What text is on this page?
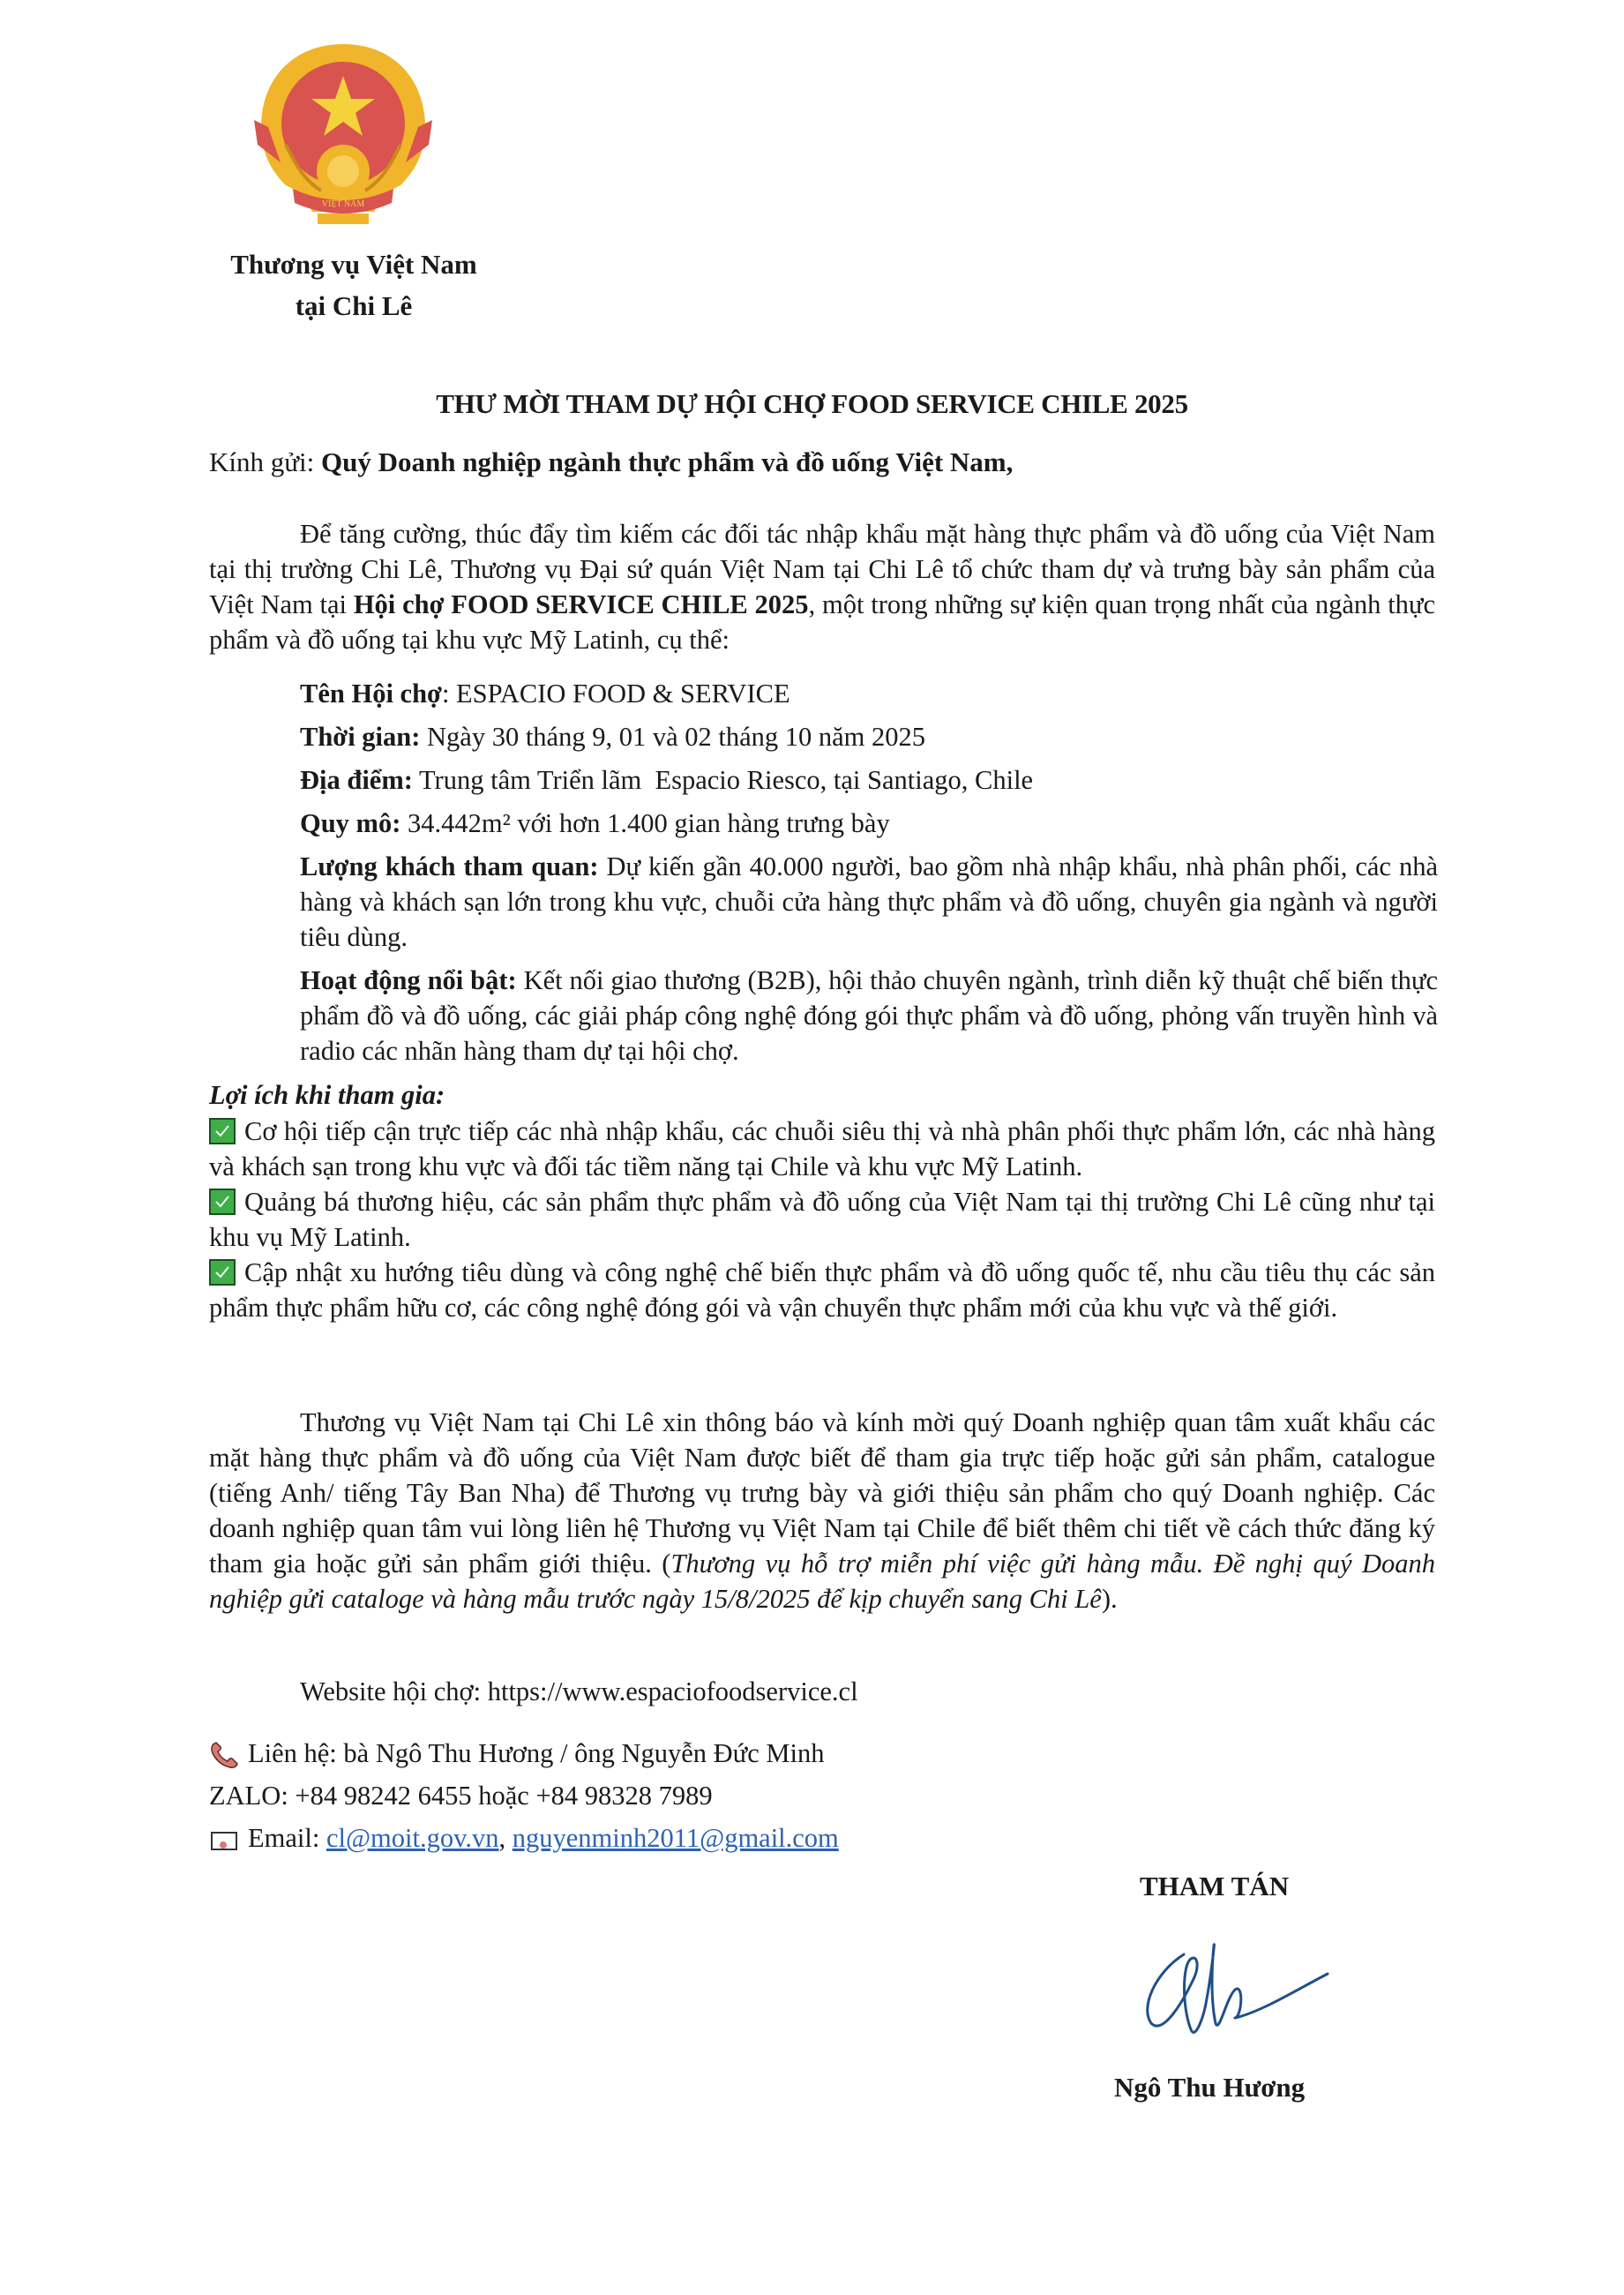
VIỆT NAM
Thương vụ Việt Nam
tại Chi Lê
THƯ MỜI THAM DỰ HỘI CHỢ FOOD SERVICE CHILE 2025
Kính gửi: Quý Doanh nghiệp ngành thực phẩm và đồ uống Việt Nam,
Để tăng cường, thúc đẩy tìm kiếm các đối tác nhập khẩu mặt hàng thực phẩm và đồ uống của Việt Nam tại thị trường Chi Lê, Thương vụ Đại sứ quán Việt Nam tại Chi Lê tổ chức tham dự và trưng bày sản phẩm của Việt Nam tại Hội chợ FOOD SERVICE CHILE 2025, một trong những sự kiện quan trọng nhất của ngành thực phẩm và đồ uống tại khu vực Mỹ Latinh, cụ thể:
Tên Hội chợ: ESPACIO FOOD & SERVICE
Thời gian: Ngày 30 tháng 9, 01 và 02 tháng 10 năm 2025
Địa điểm: Trung tâm Triển lãm  Espacio Riesco, tại Santiago, Chile
Quy mô: 34.442m² với hơn 1.400 gian hàng trưng bày
Lượng khách tham quan: Dự kiến gần 40.000 người, bao gồm nhà nhập khẩu, nhà phân phối, các nhà hàng và khách sạn lớn trong khu vực, chuỗi cửa hàng thực phẩm và đồ uống, chuyên gia ngành và người tiêu dùng.
Hoạt động nổi bật: Kết nối giao thương (B2B), hội thảo chuyên ngành, trình diễn kỹ thuật chế biến thực phẩm đồ và đồ uống, các giải pháp công nghệ đóng gói thực phẩm và đồ uống, phỏng vấn truyền hình và radio các nhãn hàng tham dự tại hội chợ.
Lợi ích khi tham gia:
Cơ hội tiếp cận trực tiếp các nhà nhập khẩu, các chuỗi siêu thị và nhà phân phối thực phẩm lớn, các nhà hàng và khách sạn trong khu vực và đối tác tiềm năng tại Chile và khu vực Mỹ Latinh.
Quảng bá thương hiệu, các sản phẩm thực phẩm và đồ uống của Việt Nam tại thị trường Chi Lê cũng như tại khu vụ Mỹ Latinh.
Cập nhật xu hướng tiêu dùng và công nghệ chế biến thực phẩm và đồ uống quốc tế, nhu cầu tiêu thụ các sản phẩm thực phẩm hữu cơ, các công nghệ đóng gói và vận chuyển thực phẩm mới của khu vực và thế giới.
Thương vụ Việt Nam tại Chi Lê xin thông báo và kính mời quý Doanh nghiệp quan tâm xuất khẩu các mặt hàng thực phẩm và đồ uống của Việt Nam được biết để tham gia trực tiếp hoặc gửi sản phẩm, catalogue (tiếng Anh/ tiếng Tây Ban Nha) để Thương vụ trưng bày và giới thiệu sản phẩm cho quý Doanh nghiệp. Các doanh nghiệp quan tâm vui lòng liên hệ Thương vụ Việt Nam tại Chile để biết thêm chi tiết về cách thức đăng ký tham gia hoặc gửi sản phẩm giới thiệu. (Thương vụ hỗ trợ miễn phí việc gửi hàng mẫu. Đề nghị quý Doanh nghiệp gửi cataloge và hàng mẫu trước ngày 15/8/2025 để kịp chuyển sang Chi Lê).
Website hội chợ: https://www.espaciofoodservice.cl
Liên hệ: bà Ngô Thu Hương / ông Nguyễn Đức Minh
ZALO: +84 98242 6455 hoặc +84 98328 7989
Email:
cl@moit.gov.vn , nguyenminh2011@gmail.com
THAM TÁN
Ngô Thu Hương
